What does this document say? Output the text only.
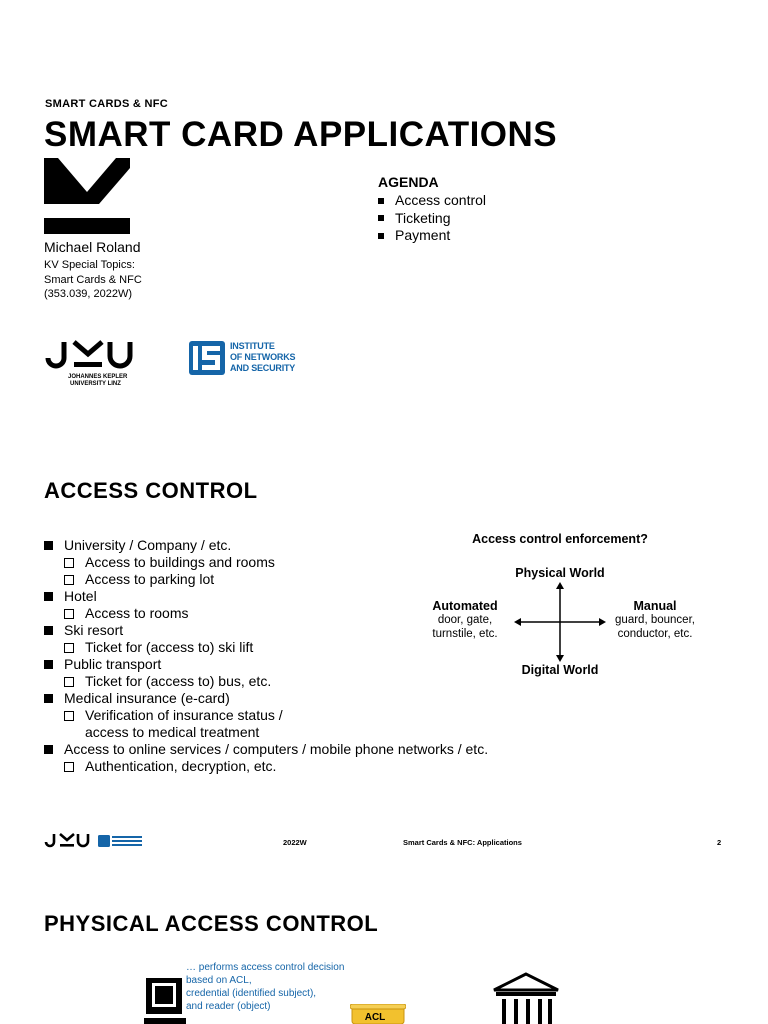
SMART CARDS & NFC
SMART CARD APPLICATIONS
Michael Roland
KV Special Topics:
Smart Cards & NFC
(353.039, 2022W)
AGENDA
Access control
Ticketing
Payment
JOHANNES KEPLER
UNIVERSITY LINZ
INSTITUTE
OF NETWORKS
AND SECURITY
ACCESS CONTROL
University / Company / etc.
Access to buildings and rooms
Access to parking lot
Hotel
Access to rooms
Ski resort
Ticket for (access to) ski lift
Public transport
Ticket for (access to) bus, etc.
Medical insurance (e-card)
Verification of insurance status / access to medical treatment
Access to online services / computers / mobile phone networks / etc.
Authentication, decryption, etc.
Access control enforcement?
Physical World
Digital World
Automated
door, gate,
turnstile, etc.
Manual
guard, bouncer,
conductor, etc.
2022W	Smart Cards & NFC: Applications	2
PHYSICAL ACCESS CONTROL
… performs access control decision
based on ACL,
credential (identified subject),
and reader (object)
ACL
